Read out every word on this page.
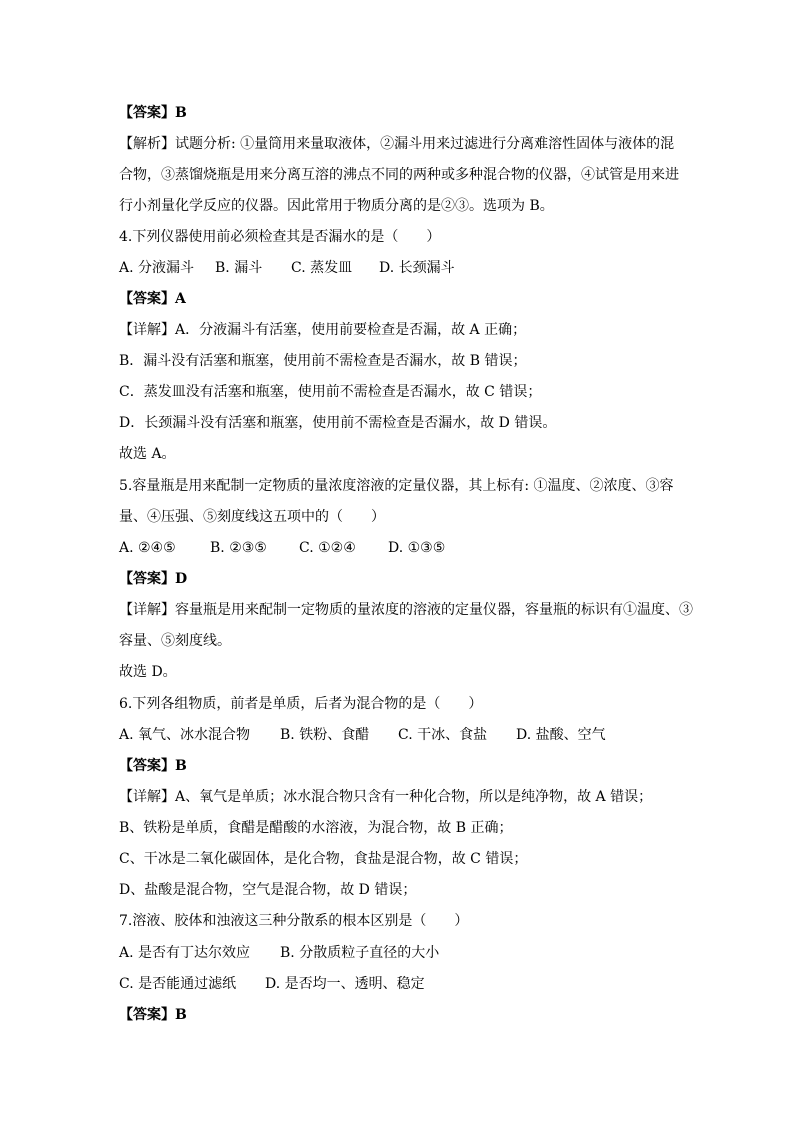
【答案】B
【解析】试题分析: ①量筒用来量取液体，②漏斗用来过滤进行分离难溶性固体与液体的混
合物，③蒸馏烧瓶是用来分离互溶的沸点不同的两种或多种混合物的仪器，④试管是用来进
行小剂量化学反应的仪器。因此常用于物质分离的是②③。选项为 B。
4.下列仪器使用前必须检查其是否漏水的是（　　）
A. 分液漏斗 B. 漏斗 C. 蒸发皿 D. 长颈漏斗
【答案】A
【详解】A．分液漏斗有活塞，使用前要检查是否漏，故 A 正确；
B．漏斗没有活塞和瓶塞，使用前不需检查是否漏水，故 B 错误；
C．蒸发皿没有活塞和瓶塞，使用前不需检查是否漏水，故 C 错误；
D．长颈漏斗没有活塞和瓶塞，使用前不需检查是否漏水，故 D 错误。
故选 A。
5.容量瓶是用来配制一定物质的量浓度溶液的定量仪器，其上标有: ①温度、②浓度、③容
量、④压强、⑤刻度线这五项中的（　　）
A. ②④⑤ B. ②③⑤ C. ①②④ D. ①③⑤
【答案】D
【详解】容量瓶是用来配制一定物质的量浓度的溶液的定量仪器，容量瓶的标识有①温度、③
容量、⑤刻度线。
故选 D。
6.下列各组物质，前者是单质，后者为混合物的是（　　）
A. 氧气、冰水混合物 B. 铁粉、食醋 C. 干冰、食盐 D. 盐酸、空气
【答案】B
【详解】A、氧气是单质；冰水混合物只含有一种化合物，所以是纯净物，故 A 错误；
B、铁粉是单质，食醋是醋酸的水溶液，为混合物，故 B 正确；
C、干冰是二氧化碳固体，是化合物，食盐是混合物，故 C 错误；
D、盐酸是混合物，空气是混合物，故 D 错误；
7.溶液、胶体和浊液这三种分散系的根本区别是（　　）
A. 是否有丁达尔效应 B. 分散质粒子直径的大小
C. 是否能通过滤纸 D. 是否均一、透明、稳定
【答案】B
